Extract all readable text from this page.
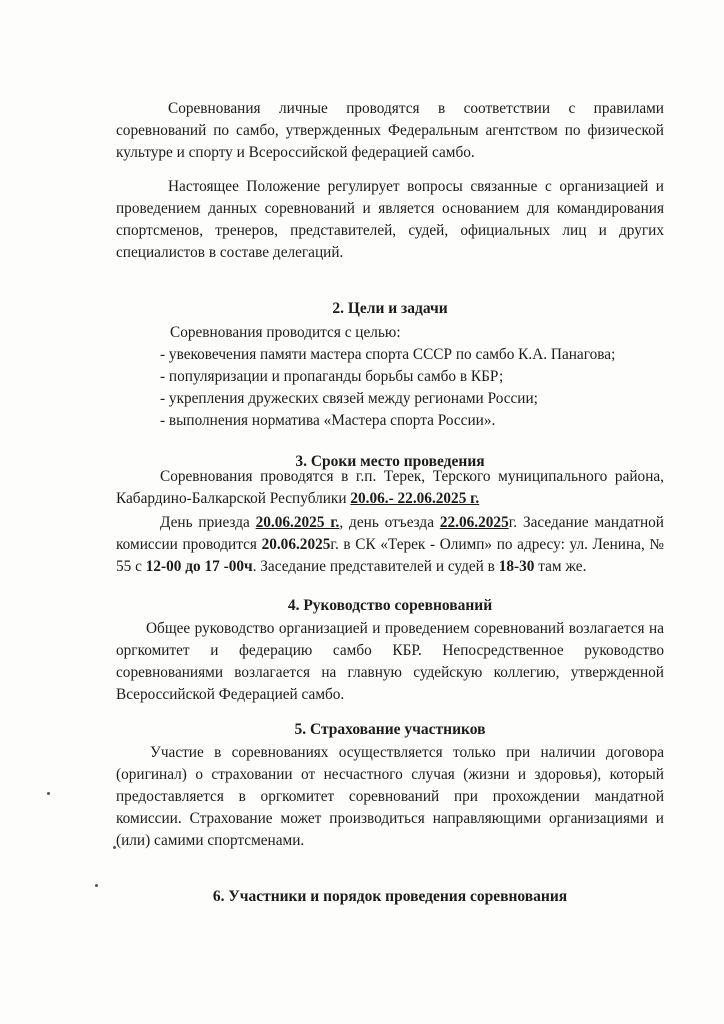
Соревнования личные проводятся в соответствии с правилами соревнований по самбо, утвержденных Федеральным агентством по физической культуре и спорту и Всероссийской федерацией самбо.

Настоящее Положение регулирует вопросы связанные с организацией и проведением данных соревнований и является основанием для командирования спортсменов, тренеров, представителей, судей, официальных лиц и других специалистов в составе делегаций.

2. Цели и задачи

Соревнования проводится с целью:

- увековечения памяти мастера спорта СССР по самбо К.А. Панагова;

- популяризации и пропаганды борьбы самбо в КБР;

- укрепления дружеских связей между регионами России;

- выполнения норматива «Мастера спорта России».

3. Сроки место проведения

Соревнования проводятся в г.п. Терек, Терского муниципального района, Кабардино-Балкарской Республики 20.06.- 22.06.2025 г.

День приезда 20.06.2025 г., день отъезда 22.06.2025г. Заседание мандатной комиссии проводится 20.06.2025г. в СК «Терек - Олимп» по адресу: ул. Ленина, № 55 с 12-00 до 17 -00ч. Заседание представителей и судей в 18-30 там же.

4. Руководство соревнований

Общее руководство организацией и проведением соревнований возлагается на оргкомитет и федерацию самбо КБР. Непосредственное руководство соревнованиями возлагается на главную судейскую коллегию, утвержденной Всероссийской Федерацией самбо.

5. Страхование участников

Участие в соревнованиях осуществляется только при наличии договора (оригинал) о страховании от несчастного случая (жизни и здоровья), который предоставляется в оргкомитет соревнований при прохождении мандатной комиссии. Страхование может производиться направляющими организациями и (или) самими спортсменами.

6. Участники и порядок проведения соревнования
